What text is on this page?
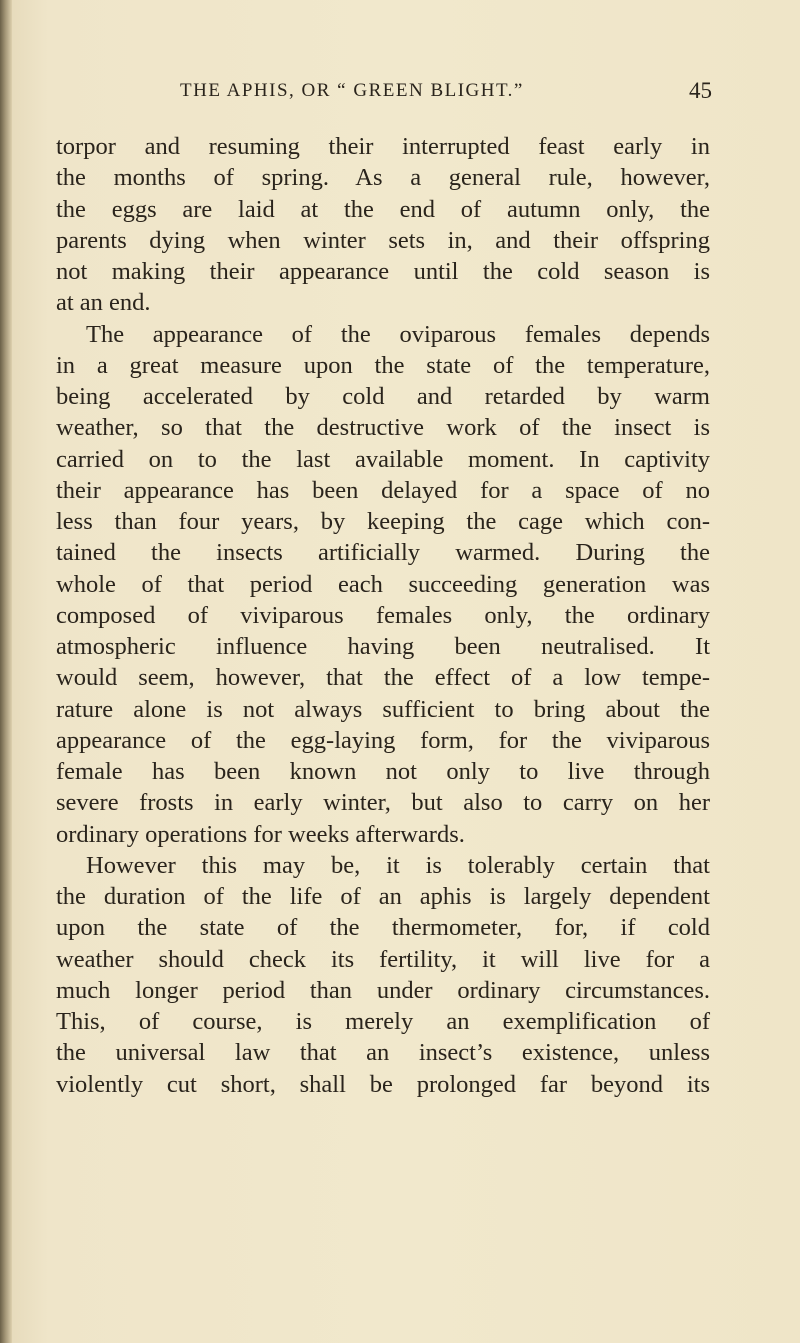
THE APHIS, OR “ GREEN BLIGHT.”	45
torpor and resuming their interrupted feast early in
the months of spring. As a general rule, however,
the eggs are laid at the end of autumn only, the
parents dying when winter sets in, and their offspring
not making their appearance until the cold season is
at an end.
The appearance of the oviparous females depends
in a great measure upon the state of the temperature,
being accelerated by cold and retarded by warm
weather, so that the destructive work of the insect is
carried on to the last available moment. In captivity
their appearance has been delayed for a space of no
less than four years, by keeping the cage which con-
tained the insects artificially warmed. During the
whole of that period each succeeding generation was
composed of viviparous females only, the ordinary
atmospheric influence having been neutralised. It
would seem, however, that the effect of a low tempe-
rature alone is not always sufficient to bring about the
appearance of the egg-laying form, for the viviparous
female has been known not only to live through
severe frosts in early winter, but also to carry on her
ordinary operations for weeks afterwards.
However this may be, it is tolerably certain that
the duration of the life of an aphis is largely dependent
upon the state of the thermometer, for, if cold
weather should check its fertility, it will live for a
much longer period than under ordinary circumstances.
This, of course, is merely an exemplification of
the universal law that an insect’s existence, unless
violently cut short, shall be prolonged far beyond its
